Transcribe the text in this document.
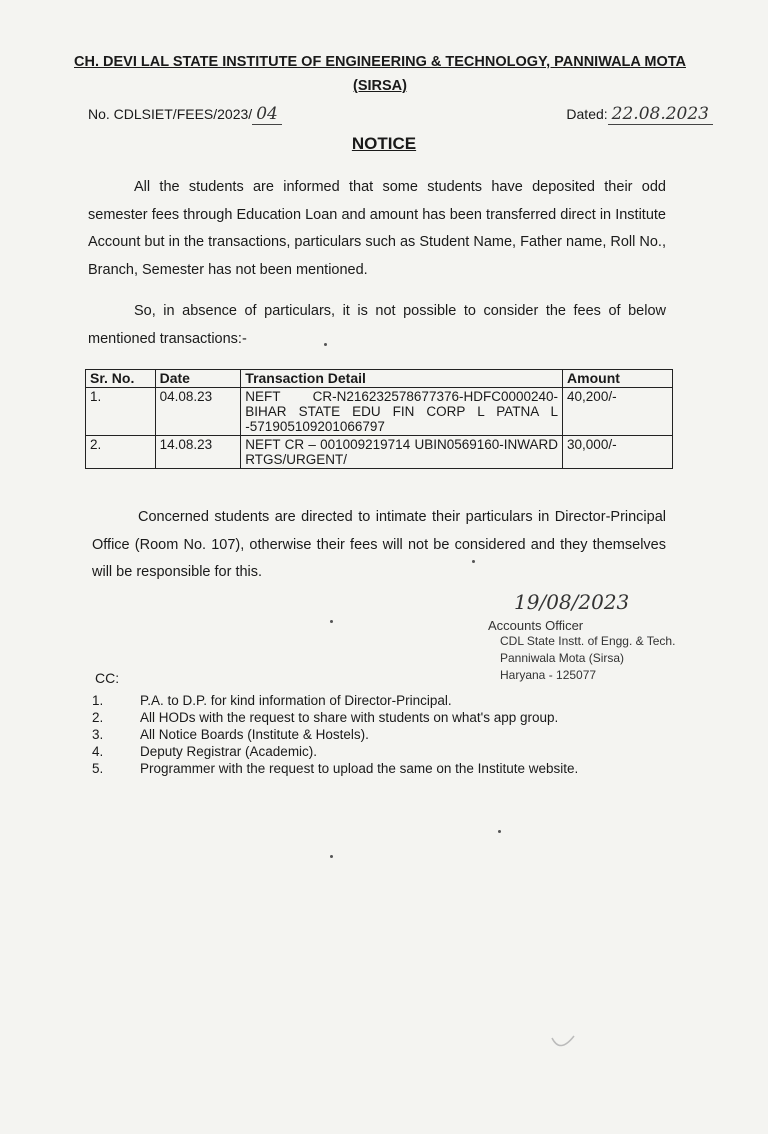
CH. DEVI LAL STATE INSTITUTE OF ENGINEERING & TECHNOLOGY, PANNIWALA MOTA (SIRSA)
No. CDLSIET/FEES/2023/ 04	Dated: 22.08.2023
NOTICE
All the students are informed that some students have deposited their odd semester fees through Education Loan and amount has been transferred direct in Institute Account but in the transactions, particulars such as Student Name, Father name, Roll No., Branch, Semester has not been mentioned.
So, in absence of particulars, it is not possible to consider the fees of below mentioned transactions:-
Sr. No.	Date	Transaction Detail	Amount
1.	04.08.23	NEFT CR-N216232578677376-HDFC0000240-BIHAR STATE EDU FIN CORP L PATNA L -571905109201066797	40,200/-
2.	14.08.23	NEFT CR – 001009219714 UBIN0569160-INWARD RTGS/URGENT/	30,000/-
Concerned students are directed to intimate their particulars in Director-Principal Office (Room No. 107), otherwise their fees will not be considered and they themselves will be responsible for this.
19/08/2023
Accounts Officer
CDL State Instt. of Engg. & Tech.
Panniwala Mota (Sirsa)
Haryana - 125077
CC:
1.	P.A. to D.P. for kind information of Director-Principal.
2.	All HODs with the request to share with students on what's app group.
3.	All Notice Boards (Institute & Hostels).
4.	Deputy Registrar (Academic).
5.	Programmer with the request to upload the same on the Institute website.
